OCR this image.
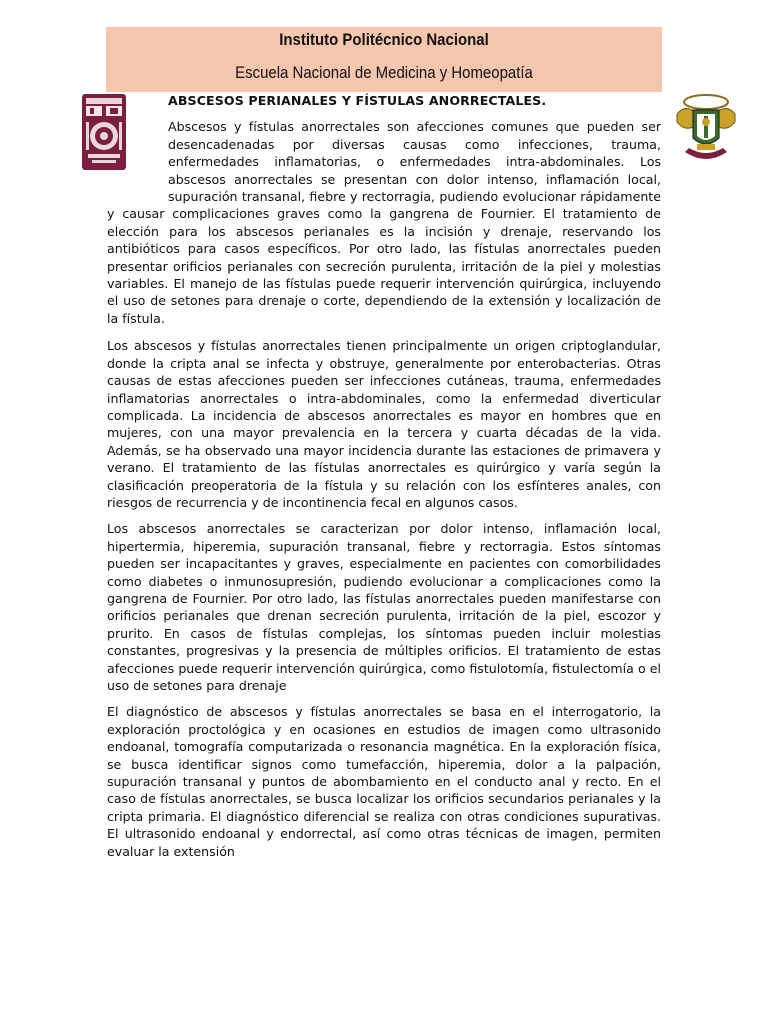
Instituto Politécnico Nacional
Escuela Nacional de Medicina y Homeopatía
ABSCESOS PERIANALES Y FÍSTULAS ANORRECTALES.

Abscesos y fístulas anorrectales son afecciones comunes que pueden ser desencadenadas por diversas causas como infecciones, trauma, enfermedades inflamatorias, o enfermedades intra-abdominales. Los abscesos anorrectales se presentan con dolor intenso, inflamación local, supuración transanal, fiebre y rectorragia, pudiendo evolucionar rápidamente y causar complicaciones graves como la gangrena de Fournier. El tratamiento de elección para los abscesos perianales es la incisión y drenaje, reservando los antibióticos para casos específicos. Por otro lado, las fístulas anorrectales pueden presentar orificios perianales con secreción purulenta, irritación de la piel y molestias variables. El manejo de las fístulas puede requerir intervención quirúrgica, incluyendo el uso de setones para drenaje o corte, dependiendo de la extensión y localización de la fístula.

Los abscesos y fístulas anorrectales tienen principalmente un origen criptoglandular, donde la cripta anal se infecta y obstruye, generalmente por enterobacterias. Otras causas de estas afecciones pueden ser infecciones cutáneas, trauma, enfermedades inflamatorias anorrectales o intra-abdominales, como la enfermedad diverticular complicada. La incidencia de abscesos anorrectales es mayor en hombres que en mujeres, con una mayor prevalencia en la tercera y cuarta décadas de la vida. Además, se ha observado una mayor incidencia durante las estaciones de primavera y verano. El tratamiento de las fístulas anorrectales es quirúrgico y varía según la clasificación preoperatoria de la fístula y su relación con los esfínteres anales, con riesgos de recurrencia y de incontinencia fecal en algunos casos.

Los abscesos anorrectales se caracterizan por dolor intenso, inflamación local, hipertermia, hiperemia, supuración transanal, fiebre y rectorragia. Estos síntomas pueden ser incapacitantes y graves, especialmente en pacientes con comorbilidades como diabetes o inmunosupresión, pudiendo evolucionar a complicaciones como la gangrena de Fournier. Por otro lado, las fístulas anorrectales pueden manifestarse con orificios perianales que drenan secreción purulenta, irritación de la piel, escozor y prurito. En casos de fístulas complejas, los síntomas pueden incluir molestias constantes, progresivas y la presencia de múltiples orificios. El tratamiento de estas afecciones puede requerir intervención quirúrgica, como fistulotomía, fistulectomía o el uso de setones para drenaje

El diagnóstico de abscesos y fístulas anorrectales se basa en el interrogatorio, la exploración proctológica y en ocasiones en estudios de imagen como ultrasonido endoanal, tomografía computarizada o resonancia magnética. En la exploración física, se busca identificar signos como tumefacción, hiperemia, dolor a la palpación, supuración transanal y puntos de abombamiento en el conducto anal y recto. En el caso de fístulas anorrectales, se busca localizar los orificios secundarios perianales y la cripta primaria. El diagnóstico diferencial se realiza con otras condiciones supurativas. El ultrasonido endoanal y endorrectal, así como otras técnicas de imagen, permiten evaluar la extensión
